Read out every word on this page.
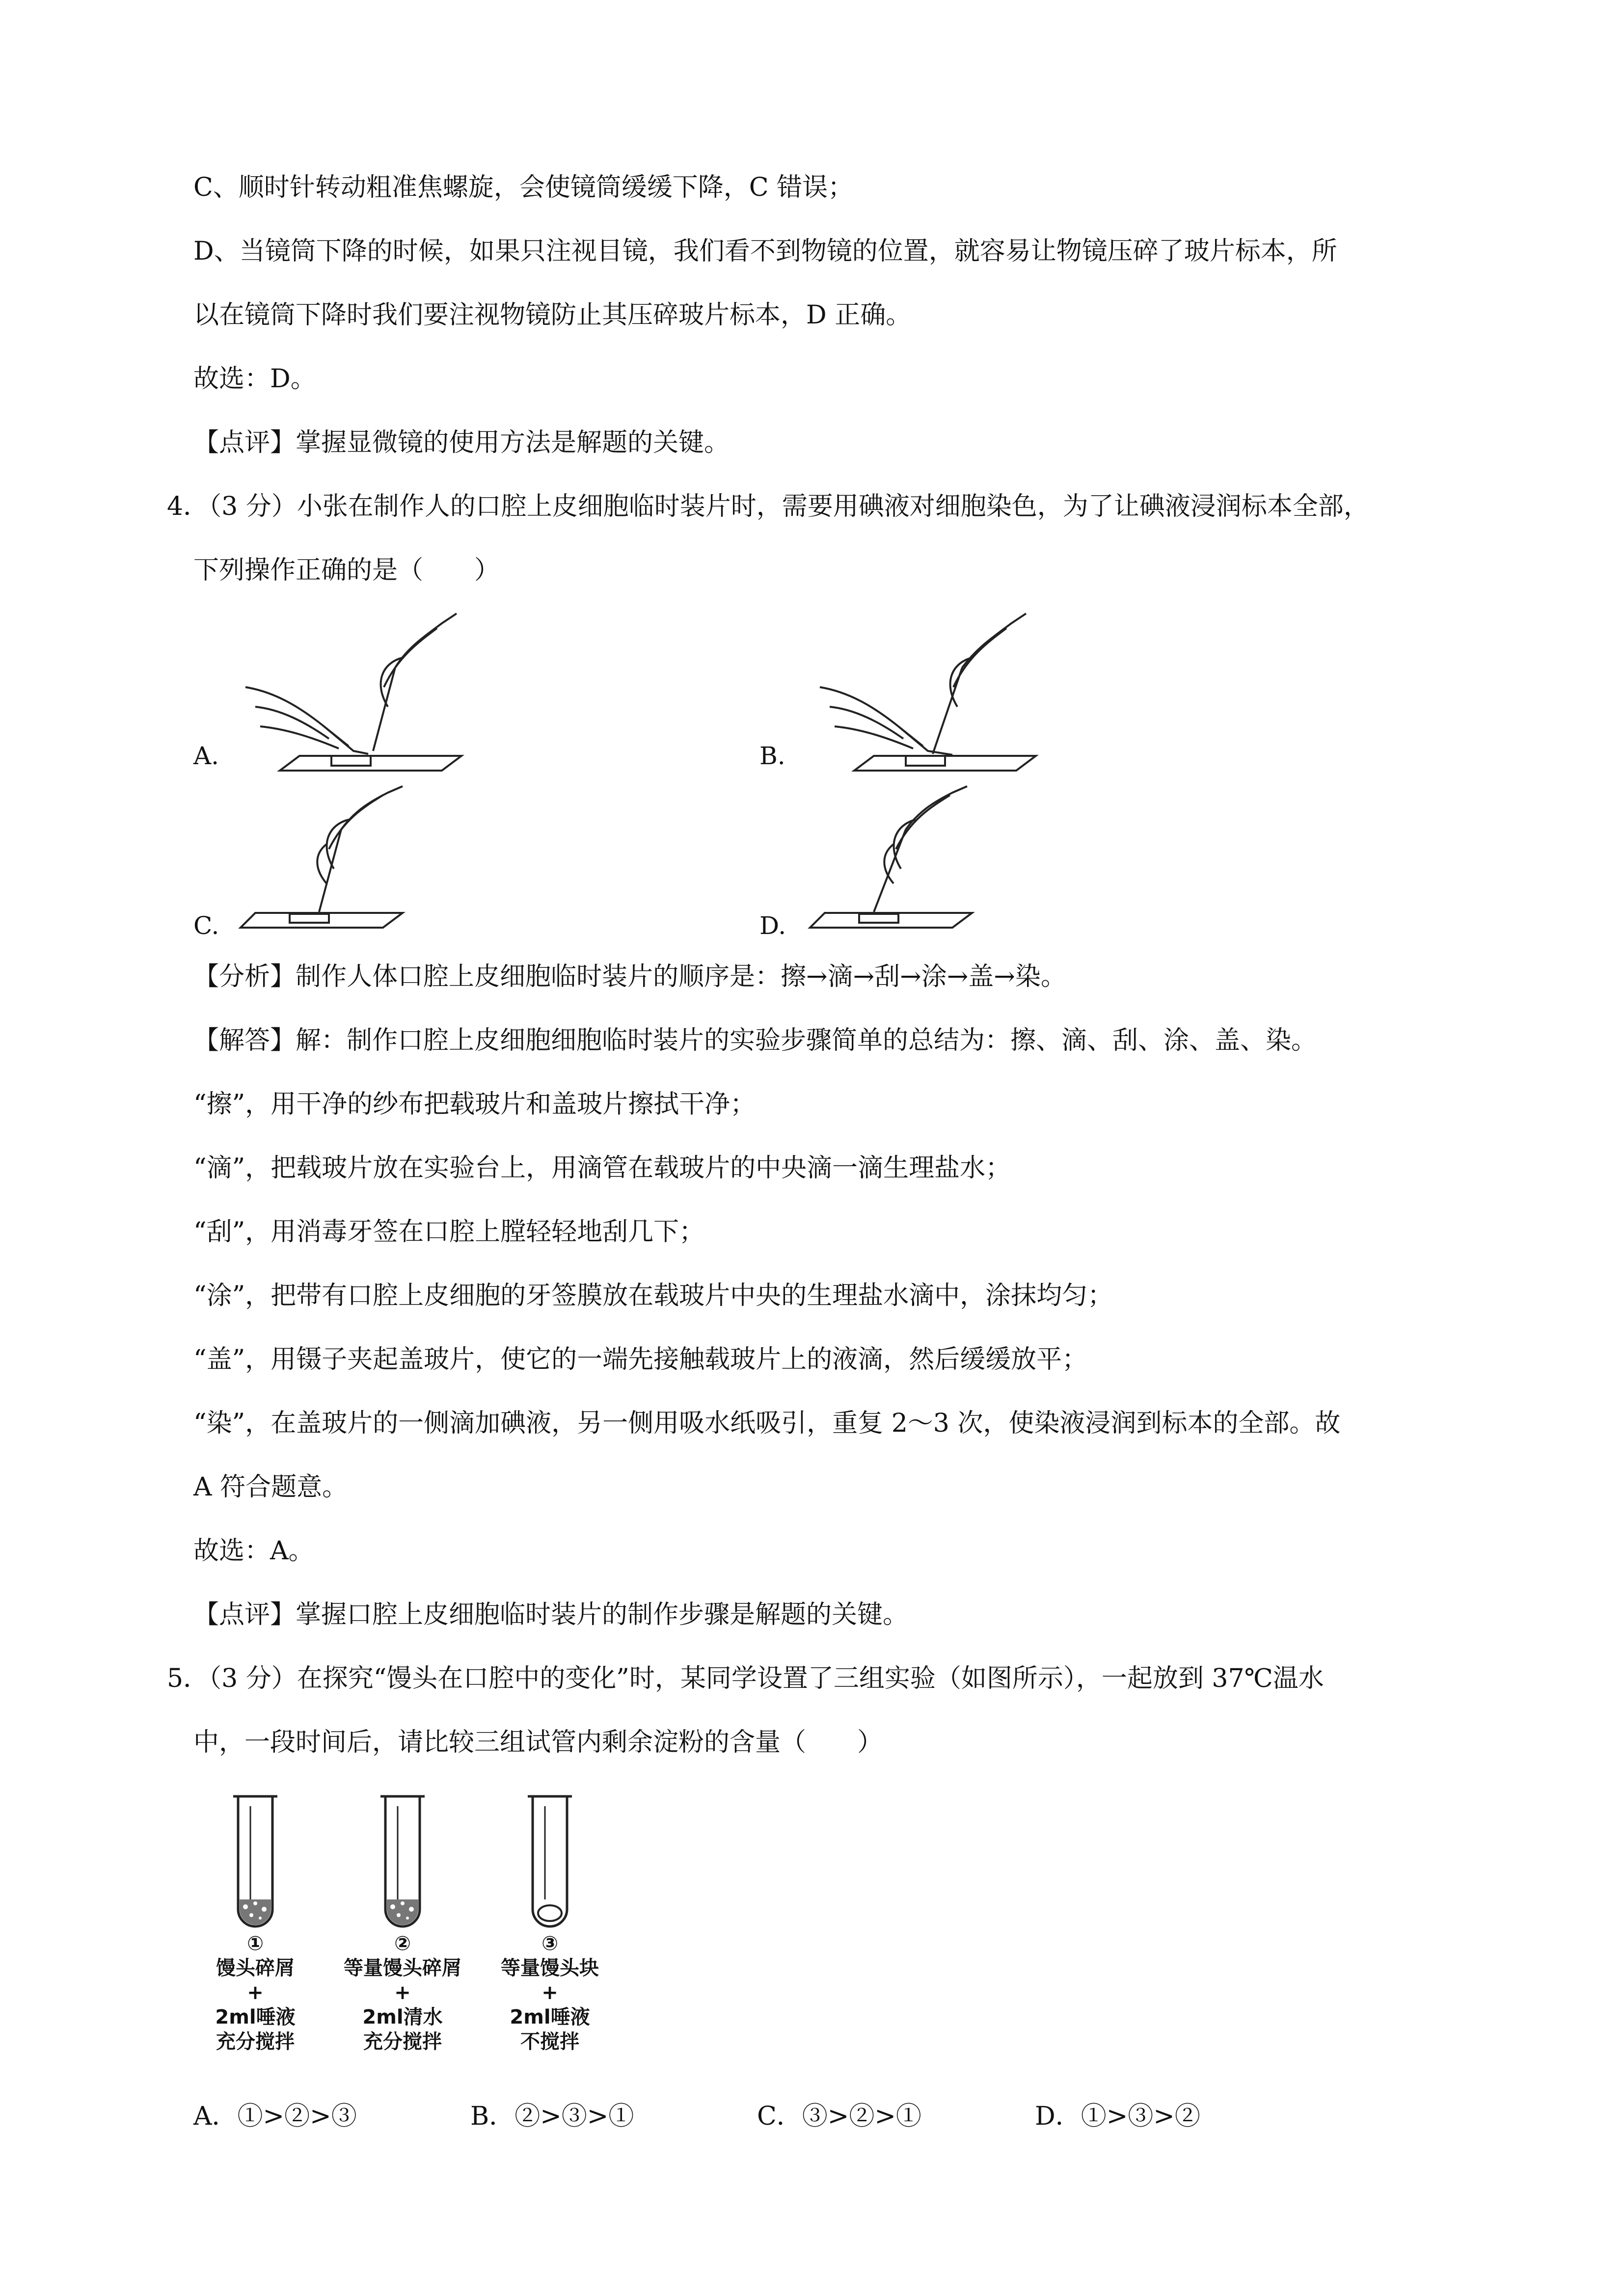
C、顺时针转动粗准焦螺旋，会使镜筒缓缓下降，C 错误；
D、当镜筒下降的时候，如果只注视目镜，我们看不到物镜的位置，就容易让物镜压碎了玻片标本，所
以在镜筒下降时我们要注视物镜防止其压碎玻片标本，D 正确。
故选：D。
【点评】掌握显微镜的使用方法是解题的关键。
4．（3 分）小张在制作人的口腔上皮细胞临时装片时，需要用碘液对细胞染色，为了让碘液浸润标本全部，
下列操作正确的是（　　）
A.	B.
C.	D.
【分析】制作人体口腔上皮细胞临时装片的顺序是：擦→滴→刮→涂→盖→染。
【解答】解：制作口腔上皮细胞细胞临时装片的实验步骤简单的总结为：擦、滴、刮、涂、盖、染。
“擦”，用干净的纱布把载玻片和盖玻片擦拭干净；
“滴”，把载玻片放在实验台上，用滴管在载玻片的中央滴一滴生理盐水；
“刮”，用消毒牙签在口腔上膛轻轻地刮几下；
“涂”，把带有口腔上皮细胞的牙签膜放在载玻片中央的生理盐水滴中，涂抹均匀；
“盖”，用镊子夹起盖玻片，使它的一端先接触载玻片上的液滴，然后缓缓放平；
“染”，在盖玻片的一侧滴加碘液，另一侧用吸水纸吸引，重复 2～3 次，使染液浸润到标本的全部。故
A 符合题意。
故选：A。
【点评】掌握口腔上皮细胞临时装片的制作步骤是解题的关键。
5．（3 分）在探究“馒头在口腔中的变化”时，某同学设置了三组实验（如图所示），一起放到 37℃温水
中，一段时间后，请比较三组试管内剩余淀粉的含量（　　）
①
馒头碎屑
+
2ml唾液
充分搅拌
②
等量馒头碎屑
+
2ml清水
充分搅拌
③
等量馒头块
+
2ml唾液
不搅拌
A．①>②>③	B．②>③>①	C．③>②>①	D．①>③>②
